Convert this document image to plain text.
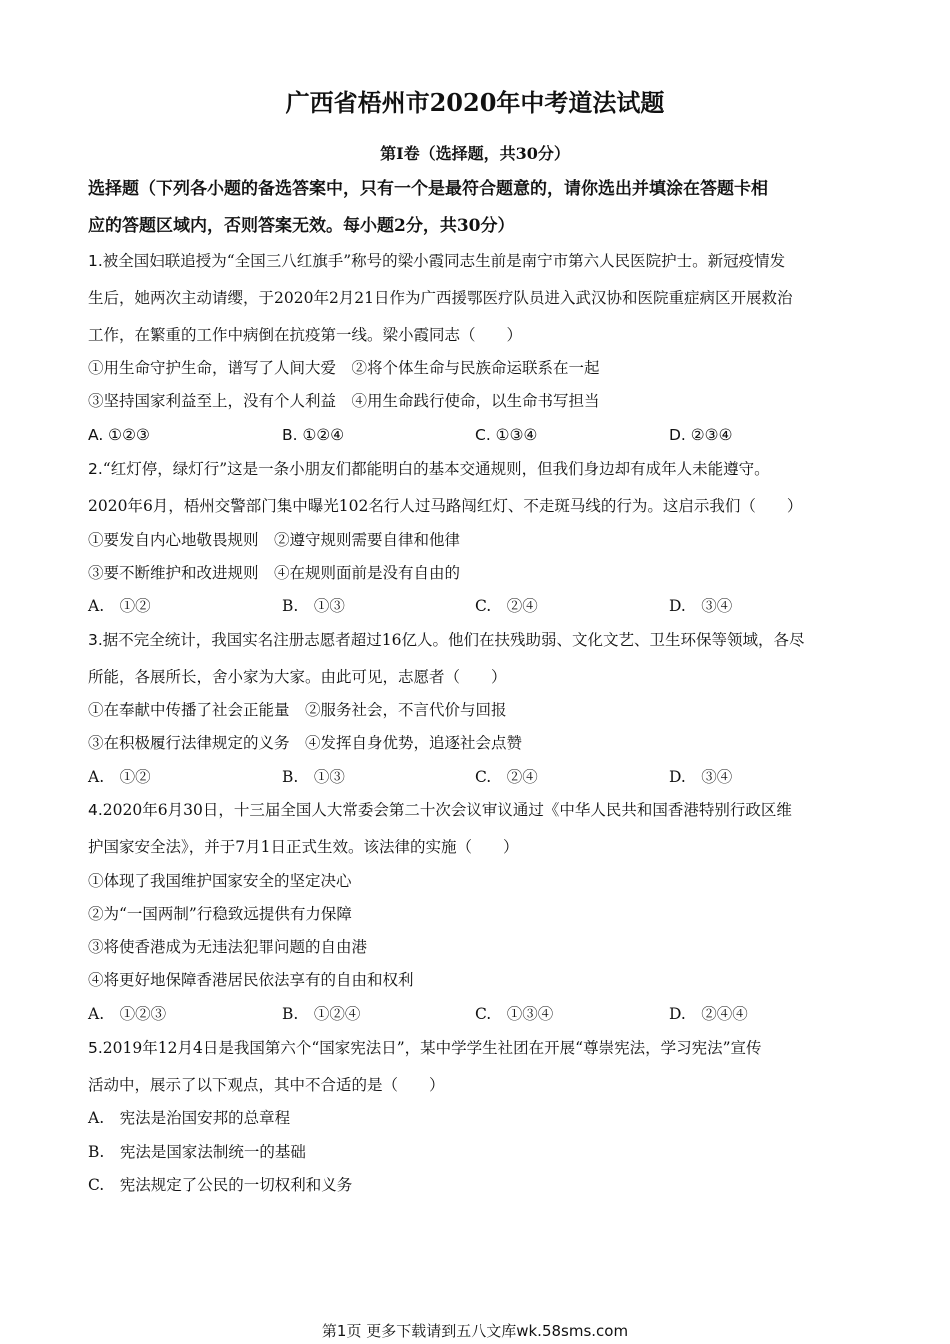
广西省梧州市2020年中考道法试题
第Ⅰ卷（选择题，共30分）
选择题（下列各小题的备选答案中，只有一个是最符合题意的，请你选出并填涂在答题卡相
应的答题区域内，否则答案无效。每小题2分，共30分）
1.被全国妇联追授为“全国三八红旗手”称号的梁小霞同志生前是南宁市第六人民医院护士。新冠疫情发
生后，她两次主动请缨，于2020年2月21日作为广西援鄂医疗队员进入武汉协和医院重症病区开展救治
工作，在繁重的工作中病倒在抗疫第一线。梁小霞同志（　　）
①用生命守护生命，谱写了人间大爱　②将个体生命与民族命运联系在一起
③坚持国家利益至上，没有个人利益　④用生命践行使命，以生命书写担当
A. ①②③	B. ①②④	C. ①③④	D. ②③④
2.“红灯停，绿灯行”这是一条小朋友们都能明白的基本交通规则，但我们身边却有成年人未能遵守。
2020年6月，梧州交警部门集中曝光102名行人过马路闯红灯、不走斑马线的行为。这启示我们（　　）
①要发自内心地敬畏规则　②遵守规则需要自律和他律
③要不断维护和改进规则　④在规则面前是没有自由的
A.　①②	B.　①③	C.　②④	D.　③④
3.据不完全统计，我国实名注册志愿者超过16亿人。他们在扶残助弱、文化文艺、卫生环保等领域，各尽
所能，各展所长，舍小家为大家。由此可见，志愿者（　　）
①在奉献中传播了社会正能量　②服务社会，不言代价与回报
③在积极履行法律规定的义务　④发挥自身优势，追逐社会点赞
A.　①②	B.　①③	C.　②④	D.　③④
4.2020年6月30日，十三届全国人大常委会第二十次会议审议通过《中华人民共和国香港特别行政区维
护国家安全法》，并于7月1日正式生效。该法律的实施（　　）
①体现了我国维护国家安全的坚定决心
②为“一国两制”行稳致远提供有力保障
③将使香港成为无违法犯罪问题的自由港
④将更好地保障香港居民依法享有的自由和权利
A.　①②③	B.　①②④	C.　①③④	D.　②④④
5.2019年12月4日是我国第六个“国家宪法日”，某中学学生社团在开展“尊崇宪法，学习宪法”宣传
活动中，展示了以下观点，其中不合适的是（　　）
A.　宪法是治国安邦的总章程
B.　宪法是国家法制统一的基础
C.　宪法规定了公民的一切权利和义务
第1页 更多下载请到五八文库wk.58sms.com
